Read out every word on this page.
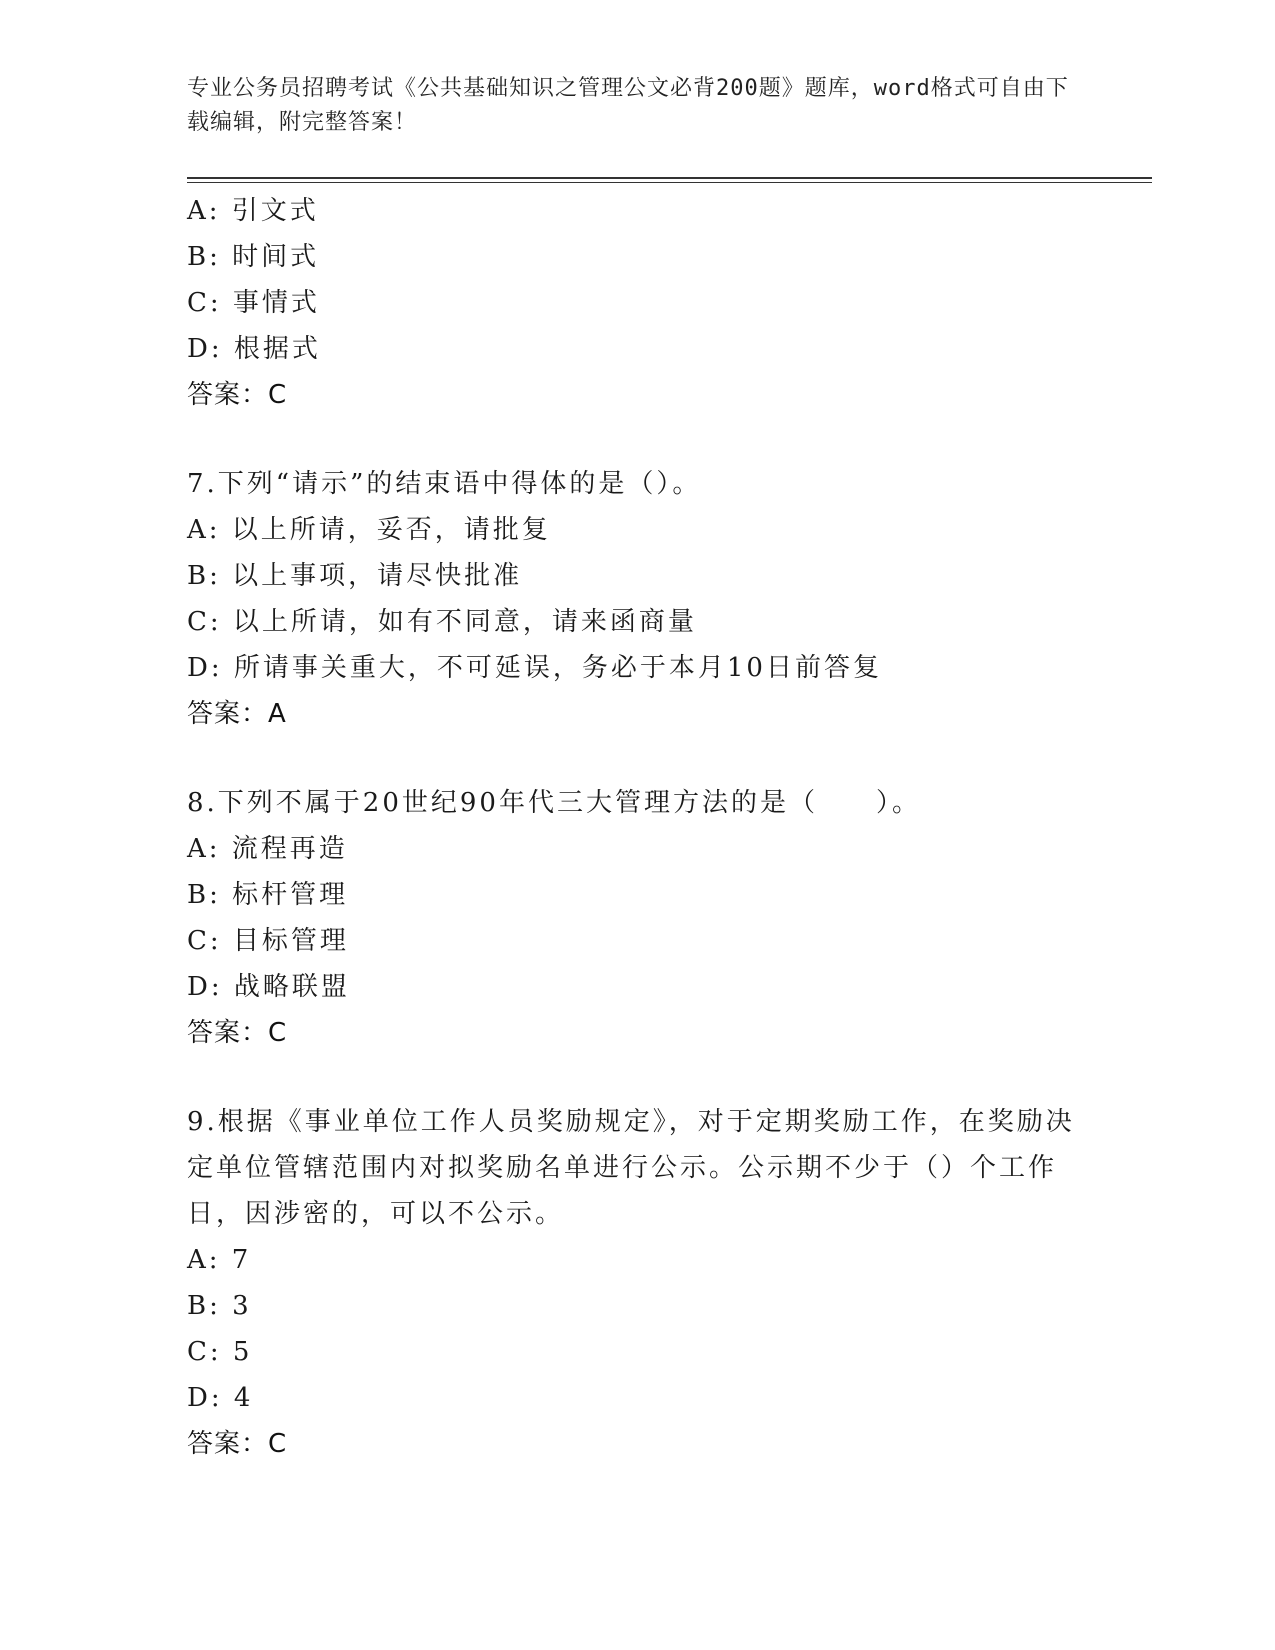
专业公务员招聘考试《公共基础知识之管理公文必背200题》题库，word格式可自由下载编辑，附完整答案！
A: 引文式
B: 时间式
C: 事情式
D: 根据式
答案：C
7.下列“请示”的结束语中得体的是（）。
A: 以上所请，妥否，请批复
B: 以上事项，请尽快批准
C: 以上所请，如有不同意，请来函商量
D: 所请事关重大，不可延误，务必于本月10日前答复
答案：A
8.下列不属于20世纪90年代三大管理方法的是（　　）。
A: 流程再造
B: 标杆管理
C: 目标管理
D: 战略联盟
答案：C
9.根据《事业单位工作人员奖励规定》，对于定期奖励工作，在奖励决定单位管辖范围内对拟奖励名单进行公示。公示期不少于（）个工作日，因涉密的，可以不公示。
A: 7
B: 3
C: 5
D: 4
答案：C
